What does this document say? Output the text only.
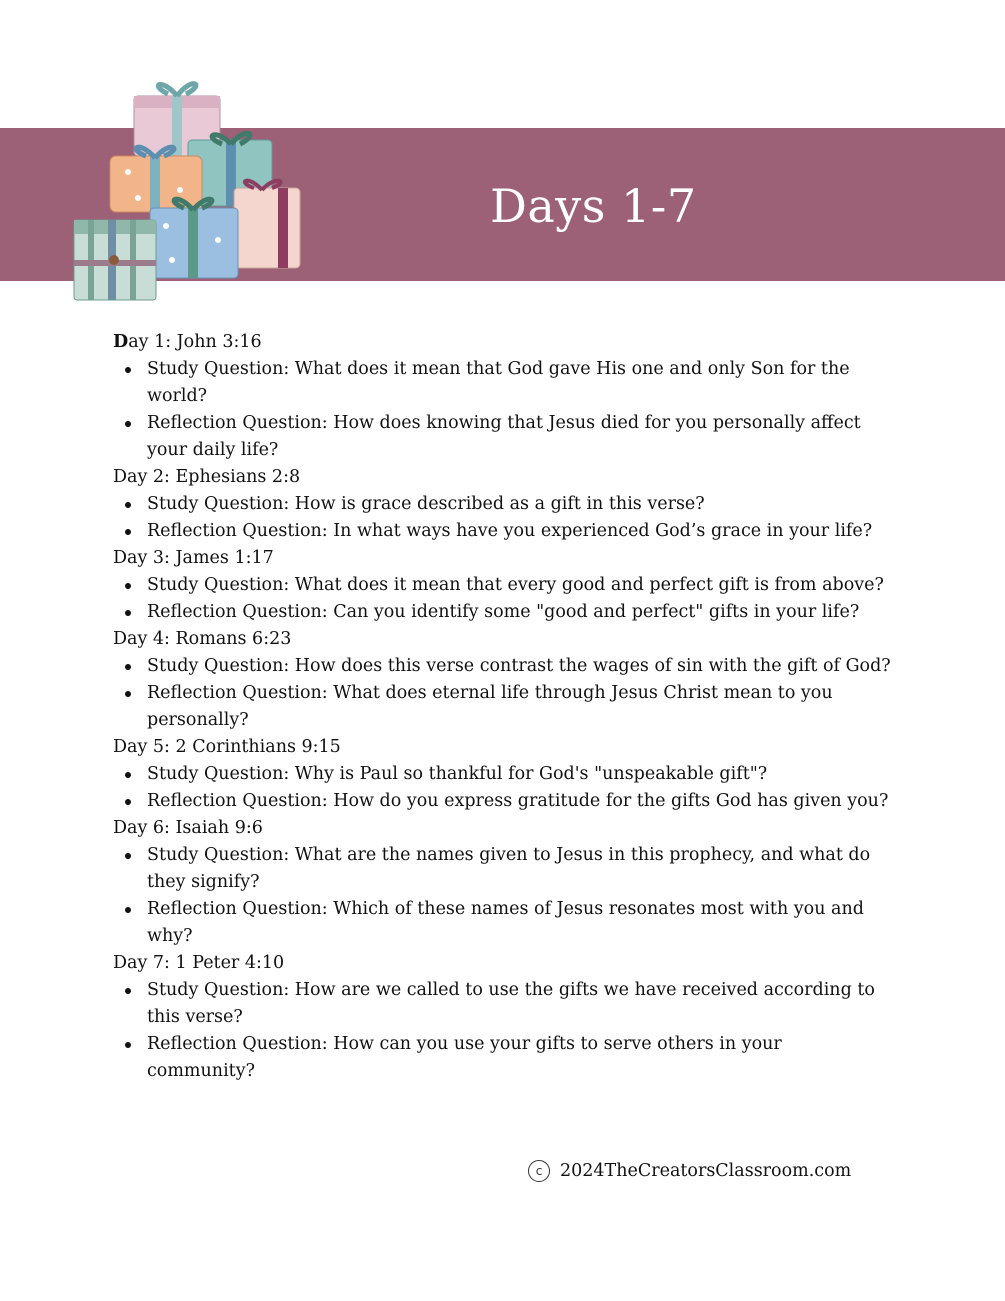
Days 1-7

Day 1: John 3:16

Study Question: What does it mean that God gave His one and only Son for the world?
Reflection Question: How does knowing that Jesus died for you personally affect your daily life?

Day 2: Ephesians 2:8

Study Question: How is grace described as a gift in this verse?
Reflection Question: In what ways have you experienced God’s grace in your life?

Day 3: James 1:17

Study Question: What does it mean that every good and perfect gift is from above?
Reflection Question: Can you identify some "good and perfect" gifts in your life?

Day 4: Romans 6:23

Study Question: How does this verse contrast the wages of sin with the gift of God?
Reflection Question: What does eternal life through Jesus Christ mean to you personally?

Day 5: 2 Corinthians 9:15

Study Question: Why is Paul so thankful for God's "unspeakable gift"?
Reflection Question: How do you express gratitude for the gifts God has given you?

Day 6: Isaiah 9:6

Study Question: What are the names given to Jesus in this prophecy, and what do they signify?
Reflection Question: Which of these names of Jesus resonates most with you and why?

Day 7: 1 Peter 4:10

Study Question: How are we called to use the gifts we have received according to this verse?
Reflection Question: How can you use your gifts to serve others in your community?
c	2024TheCreatorsClassroom.com
